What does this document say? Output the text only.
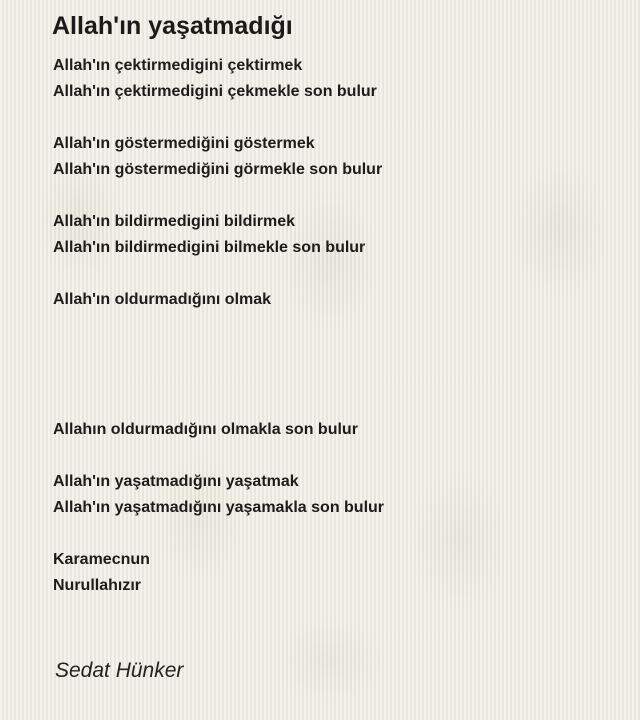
Allah'ın yaşatmadığı
Allah'ın çektirmedigini çektirmek
Allah'ın çektirmedigini çekmekle son bulur
Allah'ın göstermediğini göstermek
Allah'ın göstermediğini görmekle son bulur
Allah'ın bildirmedigini bildirmek
Allah'ın bildirmedigini bilmekle son bulur
Allah'ın oldurmadığını olmak
Allahın oldurmadığını olmakla son bulur
Allah'ın yaşatmadığını yaşatmak
Allah'ın yaşatmadığını yaşamakla son bulur
Karamecnun
Nurullahızır
Sedat Hünker
